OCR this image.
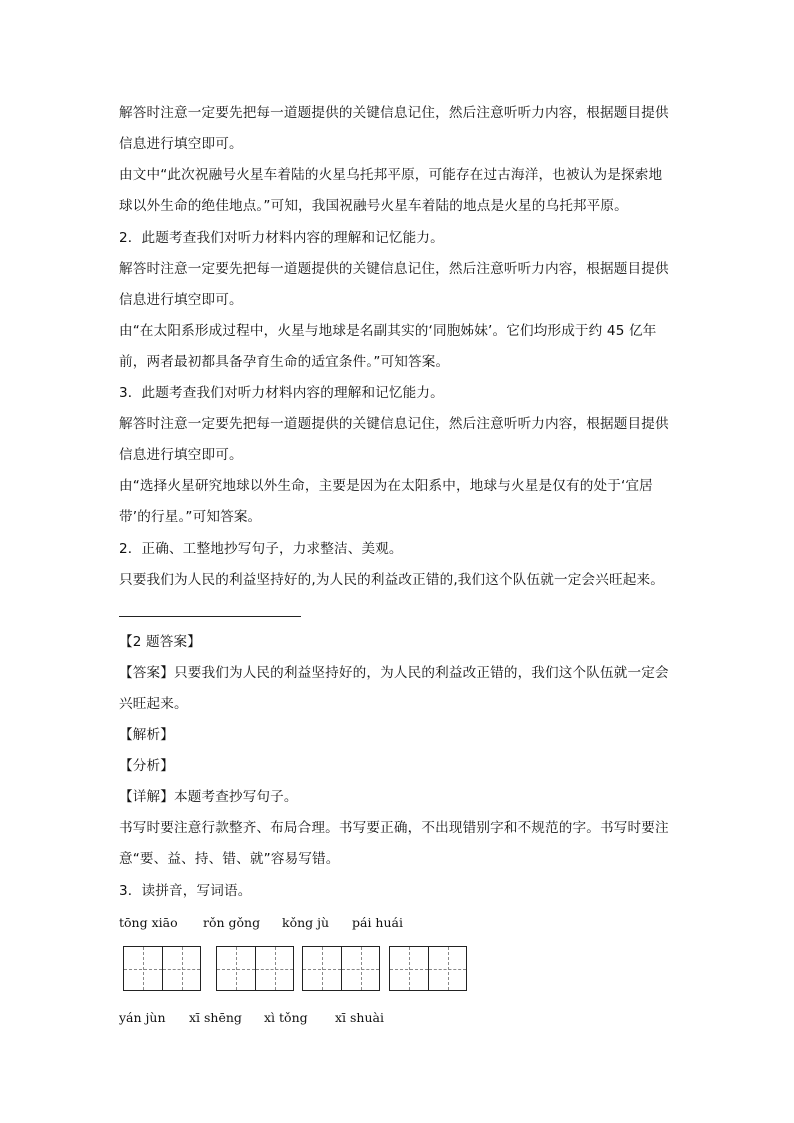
解答时注意一定要先把每一道题提供的关键信息记住，然后注意听听力内容，根据题目提供
信息进行填空即可。
由文中“此次祝融号火星车着陆的火星乌托邦平原，可能存在过古海洋，也被认为是探索地
球以外生命的绝佳地点。”可知，我国祝融号火星车着陆的地点是火星的乌托邦平原。
2．此题考查我们对听力材料内容的理解和记忆能力。
解答时注意一定要先把每一道题提供的关键信息记住，然后注意听听力内容，根据题目提供
信息进行填空即可。
由“在太阳系形成过程中，火星与地球是名副其实的‘同胞姊妹’。它们均形成于约 45 亿年
前，两者最初都具备孕育生命的适宜条件。”可知答案。
3．此题考查我们对听力材料内容的理解和记忆能力。
解答时注意一定要先把每一道题提供的关键信息记住，然后注意听听力内容，根据题目提供
信息进行填空即可。
由“选择火星研究地球以外生命，主要是因为在太阳系中，地球与火星是仅有的处于‘宜居
带’的行星。”可知答案。
2．正确、工整地抄写句子，力求整洁、美观。
只要我们为人民的利益坚持好的,为人民的利益改正错的,我们这个队伍就一定会兴旺起来。
【2 题答案】
【答案】只要我们为人民的利益坚持好的，为人民的利益改正错的，我们这个队伍就一定会
兴旺起来。
【解析】
【分析】
【详解】本题考查抄写句子。
书写时要注意行款整齐、布局合理。书写要正确，不出现错别字和不规范的字。书写时要注
意“要、益、持、错、就”容易写错。
3．读拼音，写词语。
tōng xiāo rǒn gǒng kǒng jù pái huái
yán jùn xī shēng xì tǒng xī shuài
